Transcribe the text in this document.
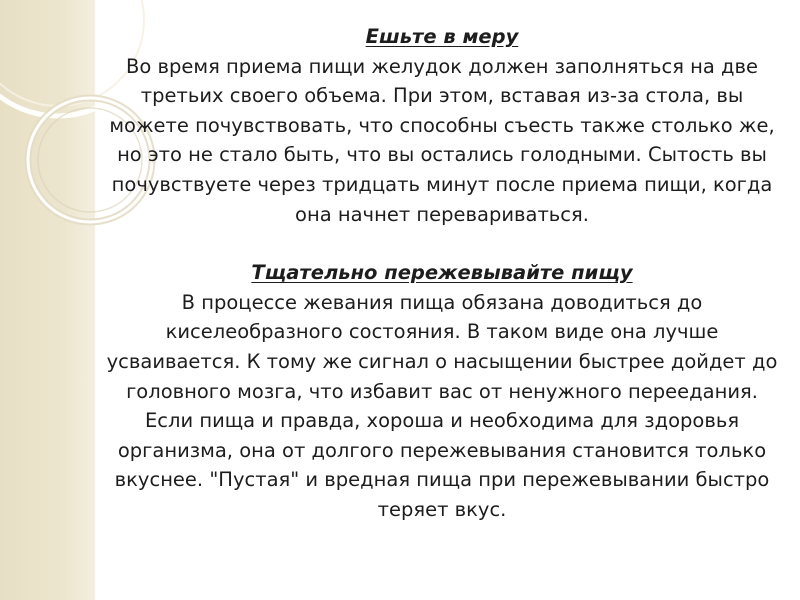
Ешьте в меру

Во время приема пищи желудок должен заполняться на две третьих своего объема. При этом, вставая из-за стола, вы можете почувствовать, что способны съесть также столько же, но это не стало быть, что вы остались голодными. Сытость вы почувствуете через тридцать минут после приема пищи, когда она начнет перевариваться.

Тщательно пережевывайте пищу

В процессе жевания пища обязана доводиться до киселеобразного состояния. В таком виде она лучше усваивается. К тому же сигнал о насыщении быстрее дойдет до головного мозга, что избавит вас от ненужного переедания. Если пища и правда, хороша и необходима для здоровья организма, она от долгого пережевывания становится только вкуснее. "Пустая" и вредная пища при пережевывании быстро теряет вкус.
